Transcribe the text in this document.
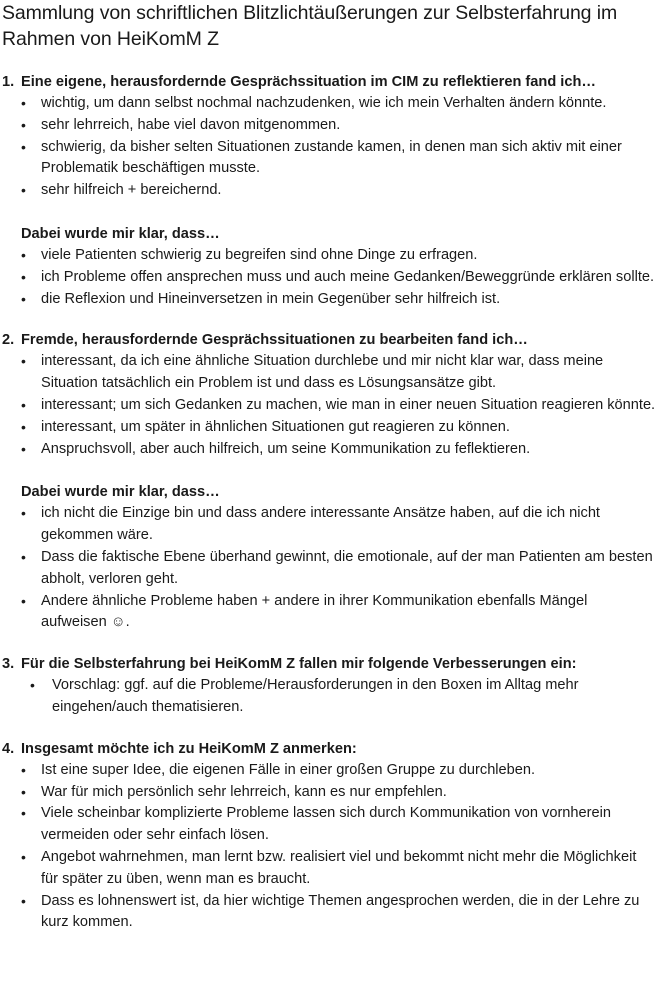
Sammlung von schriftlichen Blitzlichtäußerungen zur Selbsterfahrung im Rahmen von HeiKomM Z
1. Eine eigene, herausfordernde Gesprächssituation im CIM zu reflektieren fand ich…
• wichtig, um dann selbst nochmal nachzudenken, wie ich mein Verhalten ändern könnte.
• sehr lehrreich, habe viel davon mitgenommen.
• schwierig, da bisher selten Situationen zustande kamen, in denen man sich aktiv mit einer Problematik beschäftigen musste.
• sehr hilfreich + bereichernd.
Dabei wurde mir klar, dass…
• viele Patienten schwierig zu begreifen sind ohne Dinge zu erfragen.
• ich Probleme offen ansprechen muss und auch meine Gedanken/Beweggründe erklären sollte.
• die Reflexion und Hineinversetzen in mein Gegenüber sehr hilfreich ist.
2. Fremde, herausfordernde Gesprächssituationen zu bearbeiten fand ich…
• interessant, da ich eine ähnliche Situation durchlebe und mir nicht klar war, dass meine Situation tatsächlich ein Problem ist und dass es Lösungsansätze gibt.
• interessant; um sich Gedanken zu machen, wie man in einer neuen Situation reagieren könnte.
• interessant, um später in ähnlichen Situationen gut reagieren zu können.
• Anspruchsvoll, aber auch hilfreich, um seine Kommunikation zu feflektieren.
Dabei wurde mir klar, dass…
• ich nicht die Einzige bin und dass andere interessante Ansätze haben, auf die ich nicht gekommen wäre.
• Dass die faktische Ebene überhand gewinnt, die emotionale, auf der man Patienten am besten abholt, verloren geht.
• Andere ähnliche Probleme haben + andere in ihrer Kommunikation ebenfalls Mängel aufweisen ☺.
3. Für die Selbsterfahrung bei HeiKomM Z fallen mir folgende Verbesserungen ein:
• Vorschlag: ggf. auf die Probleme/Herausforderungen in den Boxen im Alltag mehr eingehen/auch thematisieren.
4. Insgesamt möchte ich zu HeiKomM Z anmerken:
• Ist eine super Idee, die eigenen Fälle in einer großen Gruppe zu durchleben.
• War für mich persönlich sehr lehrreich, kann es nur empfehlen.
• Viele scheinbar komplizierte Probleme lassen sich durch Kommunikation von vornherein vermeiden oder sehr einfach lösen.
• Angebot wahrnehmen, man lernt bzw. realisiert viel und bekommt nicht mehr die Möglichkeit für später zu üben, wenn man es braucht.
• Dass es lohnenswert ist, da hier wichtige Themen angesprochen werden, die in der Lehre zu kurz kommen.
